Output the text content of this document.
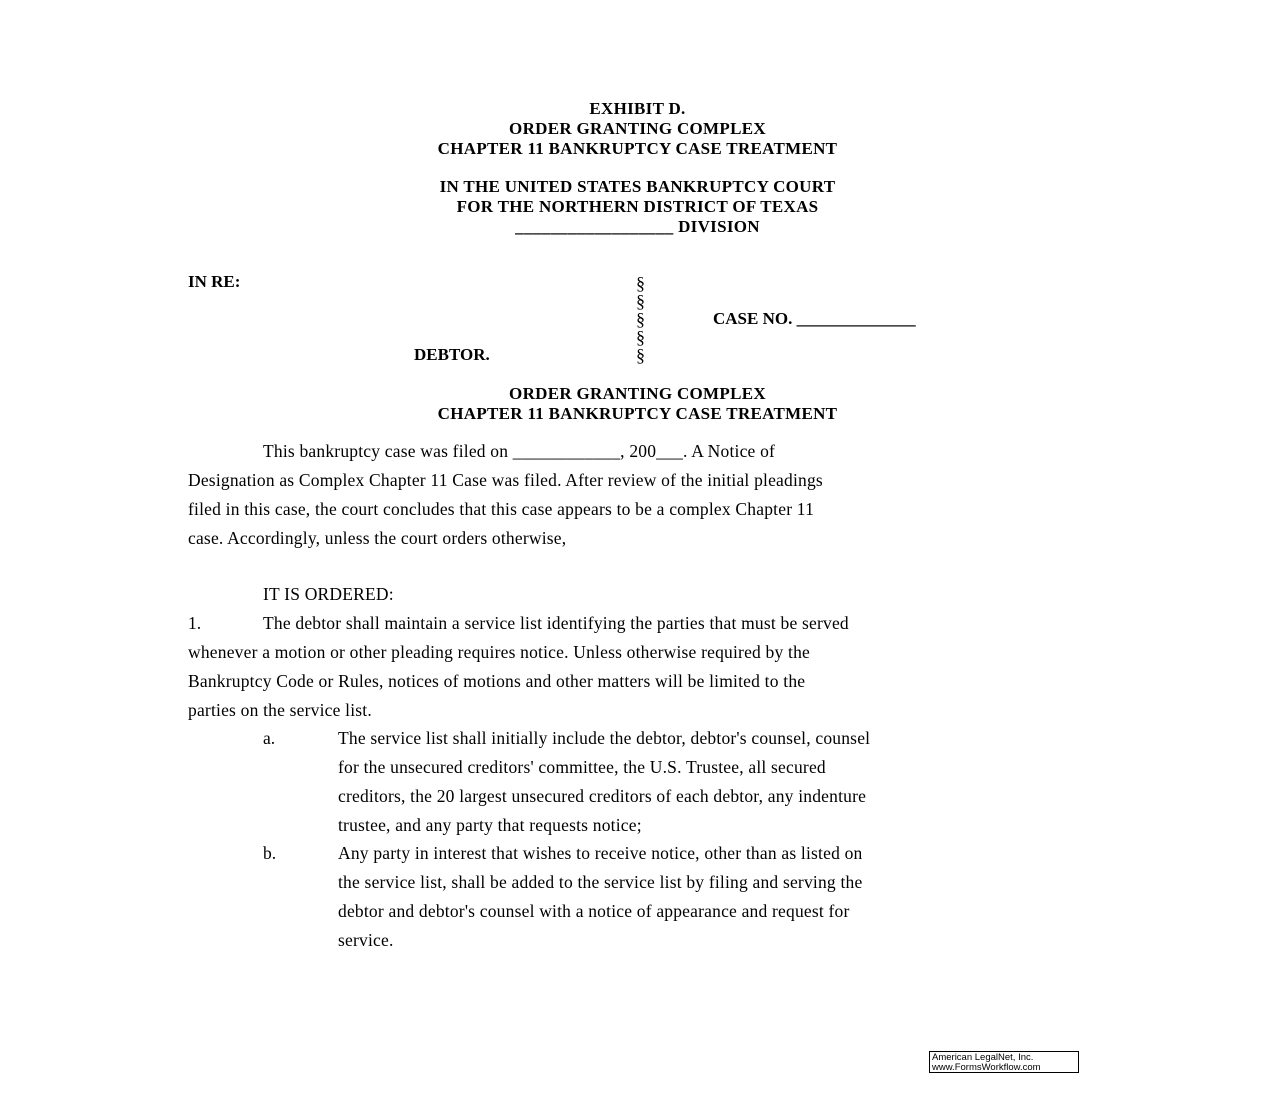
EXHIBIT D.
ORDER GRANTING COMPLEX
CHAPTER 11 BANKRUPTCY CASE TREATMENT
IN THE UNITED STATES BANKRUPTCY COURT
FOR THE NORTHERN DISTRICT OF TEXAS
__________________ DIVISION
IN RE:	§
§
§
§
§
CASE NO. ______________
DEBTOR.
ORDER GRANTING COMPLEX
CHAPTER 11 BANKRUPTCY CASE TREATMENT
This bankruptcy case was filed on ____________, 200___. A Notice of
Designation as Complex Chapter 11 Case was filed. After review of the initial pleadings
filed in this case, the court concludes that this case appears to be a complex Chapter 11
case. Accordingly, unless the court orders otherwise,
IT IS ORDERED:
1.	The debtor shall maintain a service list identifying the parties that must be served
whenever a motion or other pleading requires notice. Unless otherwise required by the
Bankruptcy Code or Rules, notices of motions and other matters will be limited to the
parties on the service list.
a.	The service list shall initially include the debtor, debtor's counsel, counsel
for the unsecured creditors' committee, the U.S. Trustee, all secured
creditors, the 20 largest unsecured creditors of each debtor, any indenture
trustee, and any party that requests notice;
b.	Any party in interest that wishes to receive notice, other than as listed on
the service list, shall be added to the service list by filing and serving the
debtor and debtor's counsel with a notice of appearance and request for
service.
American LegalNet, Inc.
www.FormsWorkflow.com
